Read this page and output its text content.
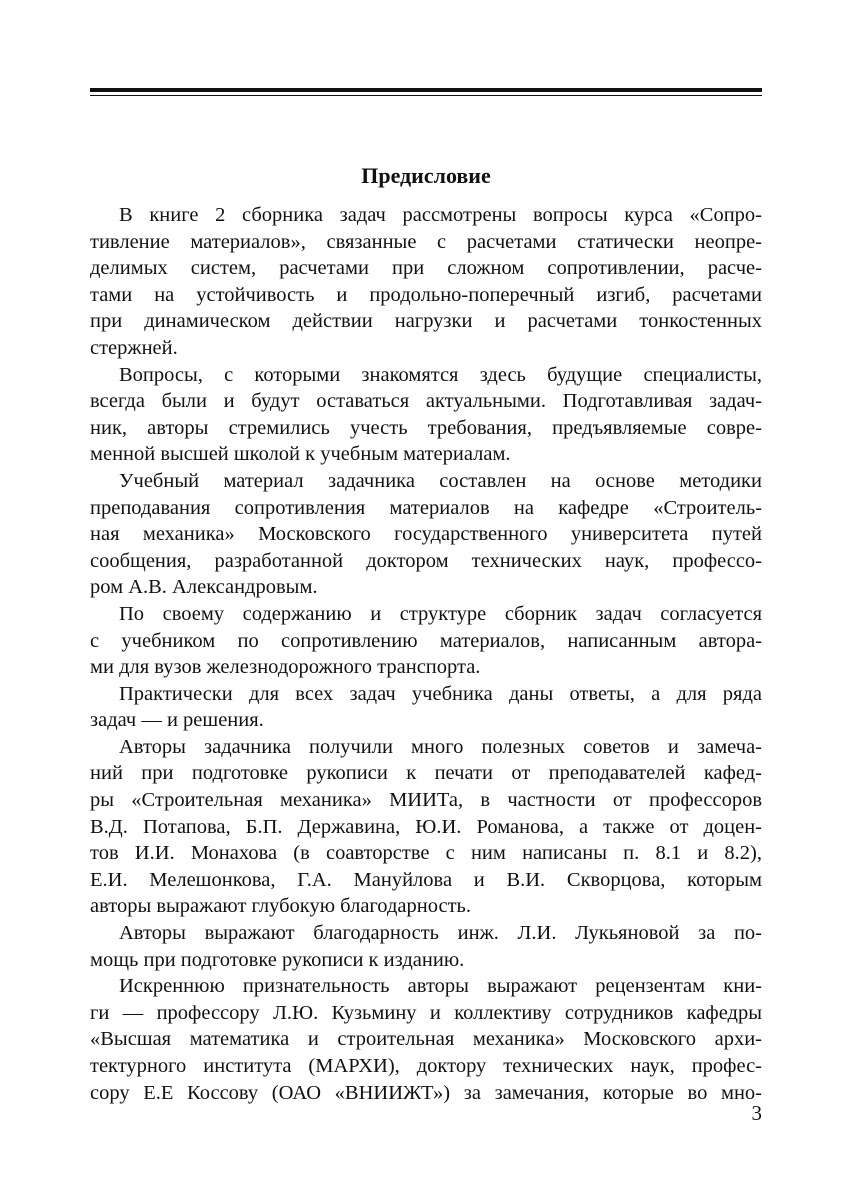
Предисловие

В книге 2 сборника задач рассмотрены вопросы курса «Сопро-
тивление материалов», связанные с расчетами статически неопре-
делимых систем, расчетами при сложном сопротивлении, расче-
тами на устойчивость и продольно-поперечный изгиб, расчетами
при динамическом действии нагрузки и расчетами тонкостенных
стержней.

Вопросы, с которыми знакомятся здесь будущие специалисты,
всегда были и будут оставаться актуальными. Подготавливая задач-
ник, авторы стремились учесть требования, предъявляемые совре-
менной высшей школой к учебным материалам.

Учебный материал задачника составлен на основе методики
преподавания сопротивления материалов на кафедре «Строитель-
ная механика» Московского государственного университета путей
сообщения, разработанной доктором технических наук, профессо-
ром А.В. Александровым.

По своему содержанию и структуре сборник задач согласуется
с учебником по сопротивлению материалов, написанным автора-
ми для вузов железнодорожного транспорта.

Практически для всех задач учебника даны ответы, а для ряда
задач — и решения.

Авторы задачника получили много полезных советов и замеча-
ний при подготовке рукописи к печати от преподавателей кафед-
ры «Строительная механика» МИИТа, в частности от профессоров
В.Д. Потапова, Б.П. Державина, Ю.И. Романова, а также от доцен-
тов И.И. Монахова (в соавторстве с ним написаны п. 8.1 и 8.2),
Е.И. Мелешонкова, Г.А. Мануйлова и В.И. Скворцова, которым
авторы выражают глубокую благодарность.

Авторы выражают благодарность инж. Л.И. Лукьяновой за по-
мощь при подготовке рукописи к изданию.

Искреннюю признательность авторы выражают рецензентам кни-
ги — профессору Л.Ю. Кузьмину и коллективу сотрудников кафедры
«Высшая математика и строительная механика» Московского архи-
тектурного института (МАРХИ), доктору технических наук, профес-
сору Е.Е Коссову (ОАО «ВНИИЖТ») за замечания, которые во мно-

3
